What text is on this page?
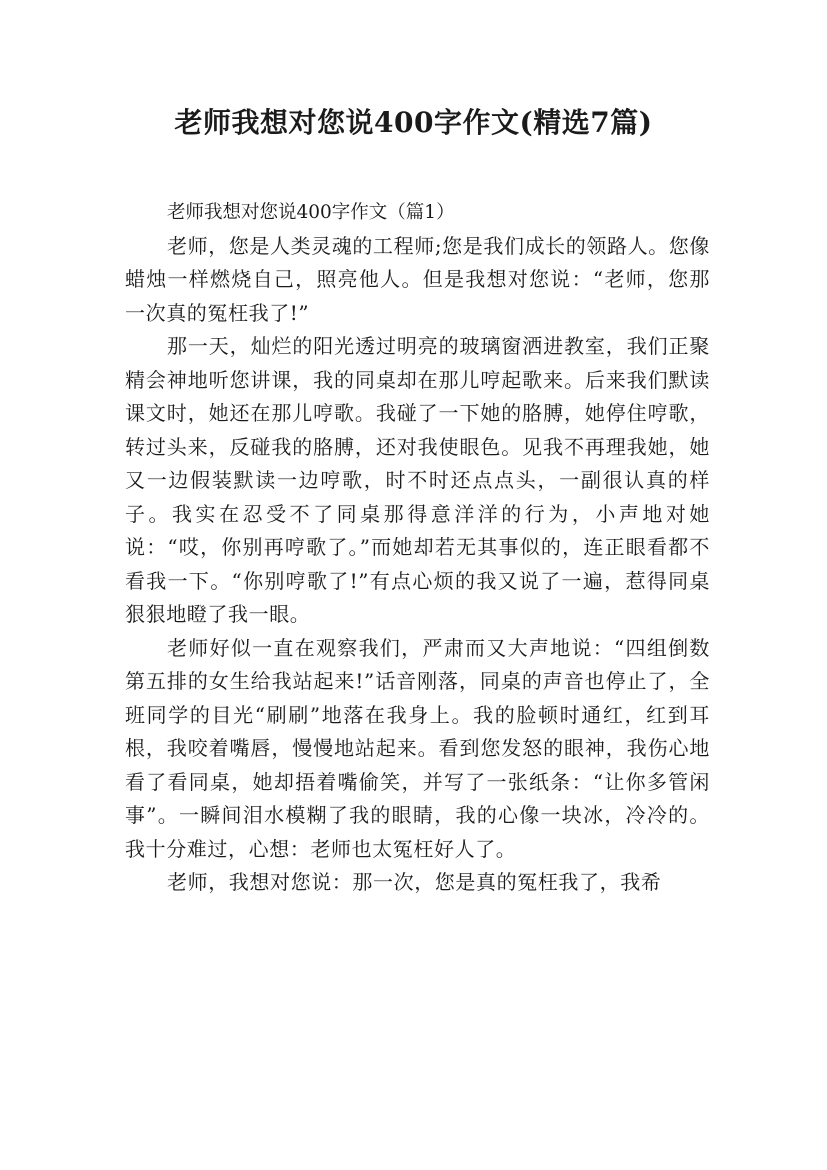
老师我想对您说400字作文(精选7篇)
老师我想对您说400字作文（篇1）

老师，您是人类灵魂的工程师;您是我们成长的领路人。您像蜡烛一样燃烧自己，照亮他人。但是我想对您说：“老师，您那一次真的冤枉我了!”

那一天，灿烂的阳光透过明亮的玻璃窗洒进教室，我们正聚精会神地听您讲课，我的同桌却在那儿哼起歌来。后来我们默读课文时，她还在那儿哼歌。我碰了一下她的胳膊，她停住哼歌，转过头来，反碰我的胳膊，还对我使眼色。见我不再理我她，她又一边假装默读一边哼歌，时不时还点点头，一副很认真的样子。我实在忍受不了同桌那得意洋洋的行为，小声地对她说：“哎，你别再哼歌了。”而她却若无其事似的，连正眼看都不看我一下。“你别哼歌了!”有点心烦的我又说了一遍，惹得同桌狠狠地瞪了我一眼。

老师好似一直在观察我们，严肃而又大声地说：“四组倒数第五排的女生给我站起来!”话音刚落，同桌的声音也停止了，全班同学的目光“刷刷”地落在我身上。我的脸顿时通红，红到耳根，我咬着嘴唇，慢慢地站起来。看到您发怒的眼神，我伤心地看了看同桌，她却捂着嘴偷笑，并写了一张纸条：“让你多管闲事”。一瞬间泪水模糊了我的眼睛，我的心像一块冰，冷冷的。我十分难过，心想：老师也太冤枉好人了。

老师，我想对您说：那一次，您是真的冤枉我了，我希
